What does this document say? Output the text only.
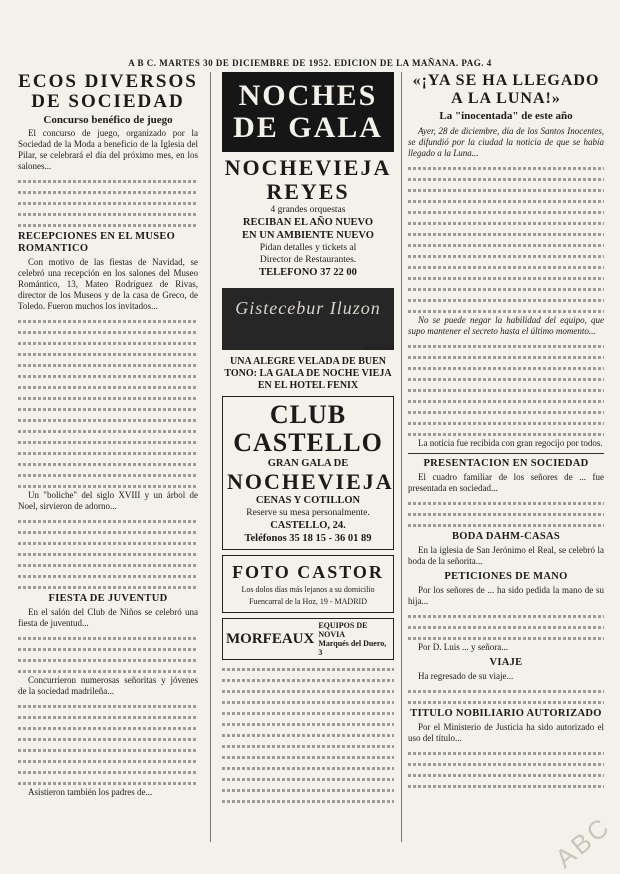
A B C. MARTES 30 DE DICIEMBRE DE 1952. EDICION DE LA MAÑANA. PAG. 4
ECOS DIVERSOS
DE SOCIEDAD
Concurso benéfico de juego

El concurso de juego, organizado por la Sociedad de la Moda a beneficio de la Iglesia del Pilar, se celebrará el día del próximo mes, en los salones...

RECEPCIONES EN EL MUSEO ROMANTICO

Con motivo de las fiestas de Navidad, se celebró una recepción en los salones del Museo Romántico, 13, Mateo Rodríguez de Rivas, director de los Museos y de la casa de Greco, de Toledo. Fueron muchos los invitados...

Un "boliche" del siglo XVIII y un árbol de Noel, sirvieron de adorno...

FIESTA DE JUVENTUD

En el salón del Club de Niños se celebró una fiesta de juventud...

Concurrieron numerosas señoritas y jóvenes de la sociedad madrileña...

Asistieron también los padres de...

NOCHES
DE GALA
NOCHEVIEJA
REYES
4 grandes orquestas
RECIBAN EL AÑO NUEVO
EN UN AMBIENTE NUEVO
Pidan detalles y tickets al
Director de Restaurantes.
TELEFONO 37 22 00
Gistecebur Iluzon
Foto Ruedas
UNA ALEGRE VELADA DE BUEN TONO: LA GALA DE NOCHE VIEJA EN EL HOTEL FENIX
CLUB CASTELLO
GRAN GALA DE
NOCHEVIEJA
CENAS Y COTILLON
Reserve su mesa personalmente.
CASTELLO, 24.
Teléfonos 35 18 15 - 36 01 89
FOTO CASTOR
Los dolos días más lejanos a su domicilio
Fuencarral de la Hoz, 19 - MADRID
MORFEAUX
EQUIPOS DE NOVIA
Marqués del Duero, 3
«¡YA SE HA LLEGADO
A LA LUNA!»
La "inocentada" de este año

Ayer, 28 de diciembre, día de los Santos Inocentes, se difundió por la ciudad la noticia de que se había llegado a la Luna...

No se puede negar la habilidad del equipo, que supo mantener el secreto hasta el último momento...

La noticia fue recibida con gran regocijo por todos.

PRESENTACION EN SOCIEDAD

El cuadro familiar de los señores de ... fue presentada en sociedad...

BODA DAHM-CASAS

En la iglesia de San Jerónimo el Real, se celebró la boda de la señorita...

PETICIONES DE MANO

Por los señores de ... ha sido pedida la mano de su hija...

Por D. Luis ... y señora...

VIAJE

Ha regresado de su viaje...

TITULO NOBILIARIO AUTORIZADO

Por el Ministerio de Justicia ha sido autorizado el uso del título...

ABC
